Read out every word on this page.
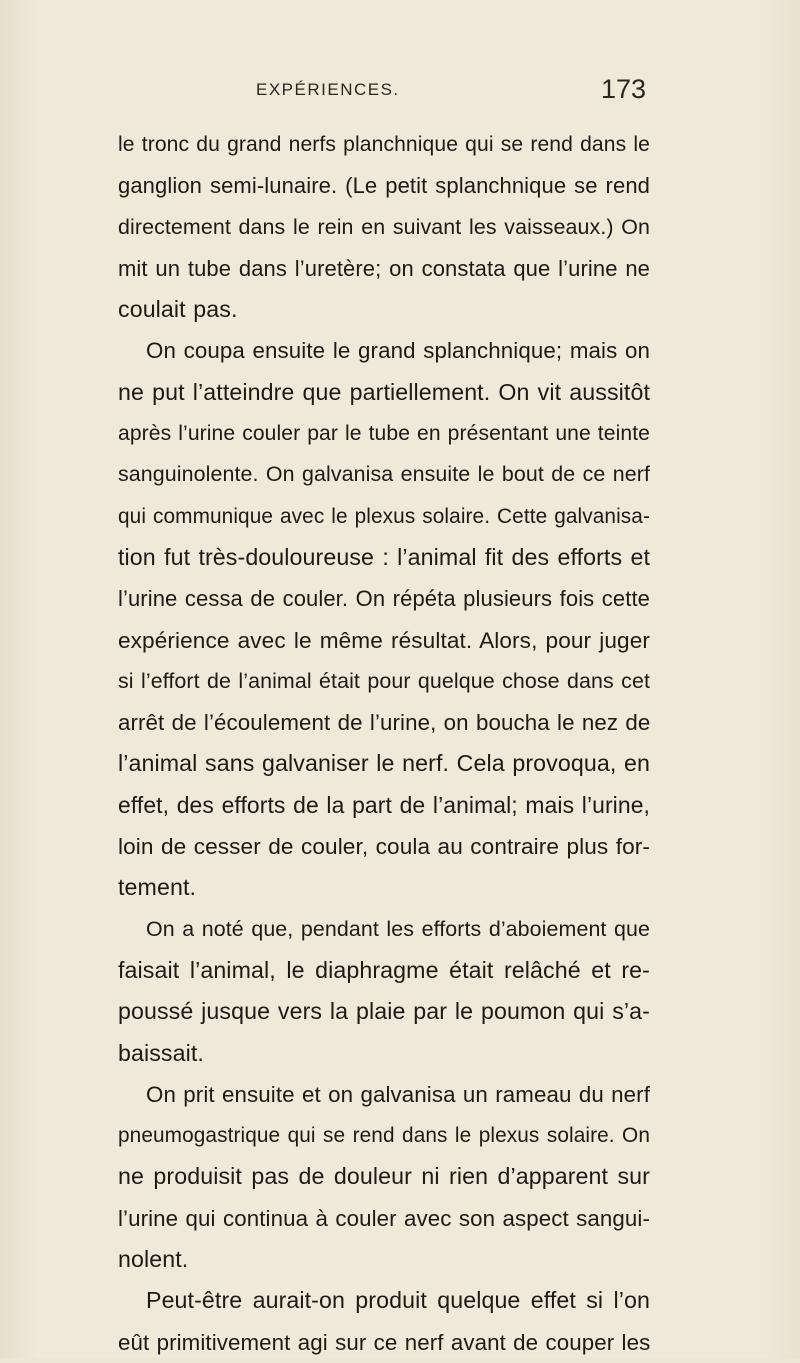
EXPÉRIENCES.	173
le tronc du grand nerfs planchnique qui se rend dans le
ganglion semi-lunaire. (Le petit splanchnique se rend
directement dans le rein en suivant les vaisseaux.) On
mit un tube dans l’uretère; on constata que l’urine ne
coulait pas.
On coupa ensuite le grand splanchnique; mais on
ne put l’atteindre que partiellement. On vit aussitôt
après l’urine couler par le tube en présentant une teinte
sanguinolente. On galvanisa ensuite le bout de ce nerf
qui communique avec le plexus solaire. Cette galvanisa-
tion fut très-douloureuse : l’animal fit des efforts et
l’urine cessa de couler. On répéta plusieurs fois cette
expérience avec le même résultat. Alors, pour juger
si l’effort de l’animal était pour quelque chose dans cet
arrêt de l’écoulement de l’urine, on boucha le nez de
l’animal sans galvaniser le nerf. Cela provoqua, en
effet, des efforts de la part de l’animal; mais l’urine,
loin de cesser de couler, coula au contraire plus for-
tement.
On a noté que, pendant les efforts d’aboiement que
faisait l’animal, le diaphragme était relâché et re-
poussé jusque vers la plaie par le poumon qui s’a-
baissait.
On prit ensuite et on galvanisa un rameau du nerf
pneumogastrique qui se rend dans le plexus solaire. On
ne produisit pas de douleur ni rien d’apparent sur
l’urine qui continua à couler avec son aspect sangui-
nolent.
Peut-être aurait-on produit quelque effet si l’on
eût primitivement agi sur ce nerf avant de couper les
